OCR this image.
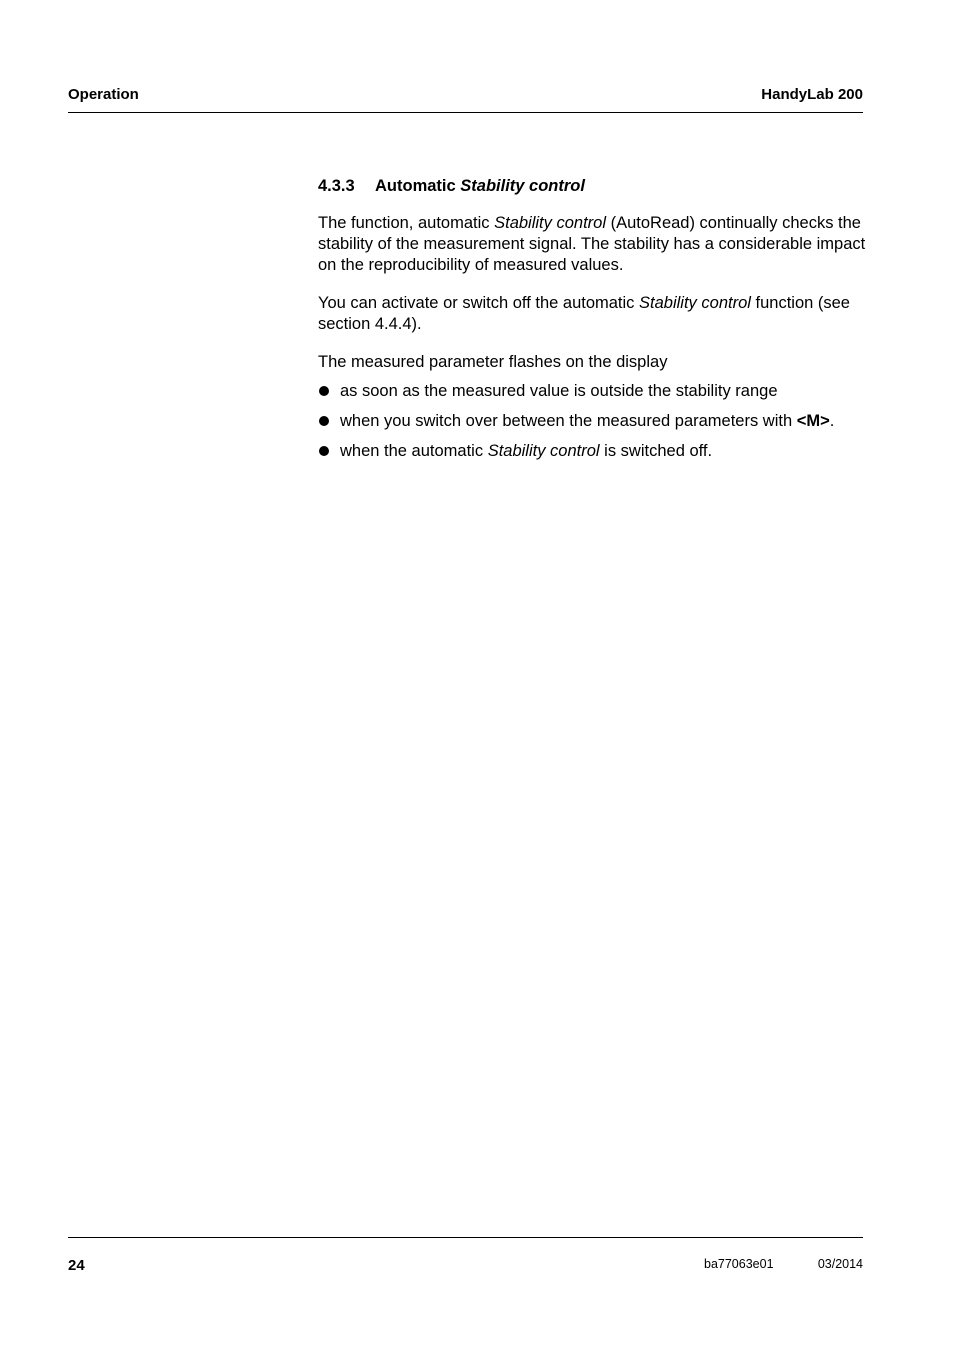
Operation	HandyLab 200
4.3.3 Automatic Stability control

The function, automatic Stability control (AutoRead) continually checks the stability of the measurement signal. The stability has a considerable impact on the reproducibility of measured values.

You can activate or switch off the automatic Stability control function (see section 4.4.4).

The measured parameter flashes on the display

as soon as the measured value is outside the stability range
when you switch over between the measured parameters with <M>.
when the automatic Stability control is switched off.
24	ba77063e01	03/2014
